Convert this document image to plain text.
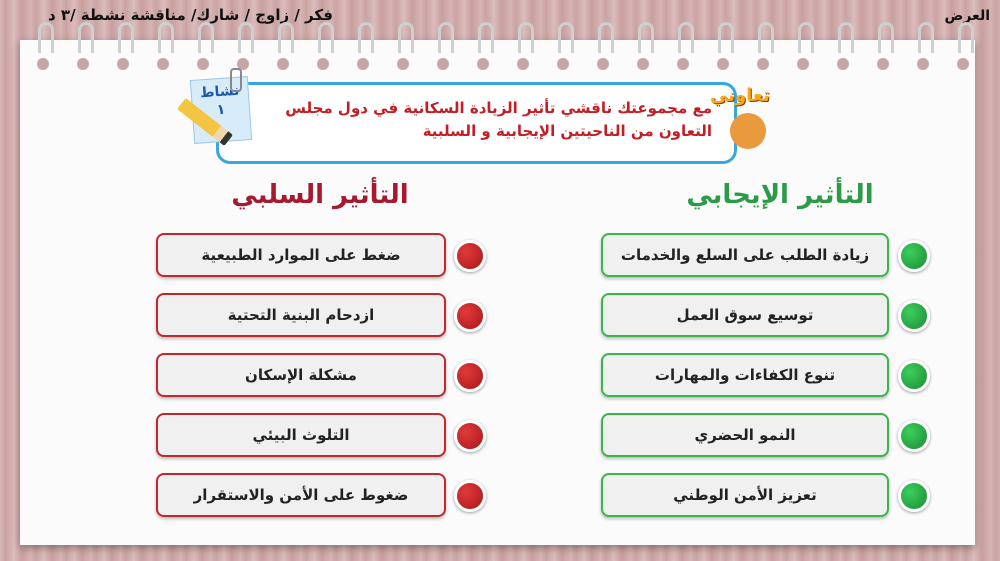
فكر / زاوج / شارك/ مناقشة نشطة /٣ د	العرض
مع مجموعتك ناقشي تأثير الزيادة السكانية في دول مجلس التعاون من الناحيتين الإيجابية و السلبية
نشاط
١
تعاوني
التأثير السلبي	التأثير الإيجابي
ضغط على الموارد الطبيعية
ازدحام البنية التحتية
مشكلة الإسكان
التلوث البيئي
ضغوط على الأمن والاستقرار
زيادة الطلب على السلع والخدمات
توسيع سوق العمل
تنوع الكفاءات والمهارات
النمو الحضري
تعزيز الأمن الوطني
